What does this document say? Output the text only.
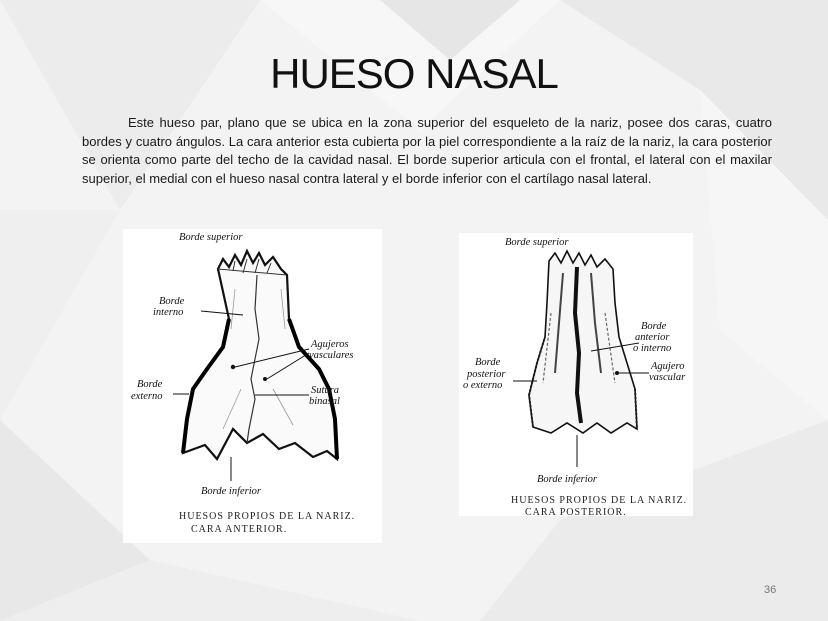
HUESO NASAL
Este hueso par, plano que se ubica en la zona superior del esqueleto de la nariz, posee dos caras, cuatro bordes y cuatro ángulos. La cara anterior esta cubierta por la piel correspondiente a la raíz de la nariz, la cara posterior se orienta como parte del techo de la cavidad nasal. El borde superior articula con el frontal, el lateral con el maxilar superior, el medial con el hueso nasal contra lateral y el borde inferior con el cartílago nasal lateral.
Borde superior
Borde
interno
Agujeros
vasculares
Borde
externo
Sutura
binasal
Borde inferior
HUESOS PROPIOS DE LA NARIZ.
CARA ANTERIOR.
Borde superior
Borde
anterior
o interno
Borde
posterior
o externo
Agujero
vascular
Borde inferior
HUESOS PROPIOS DE LA NARIZ.
CARA POSTERIOR.
36
